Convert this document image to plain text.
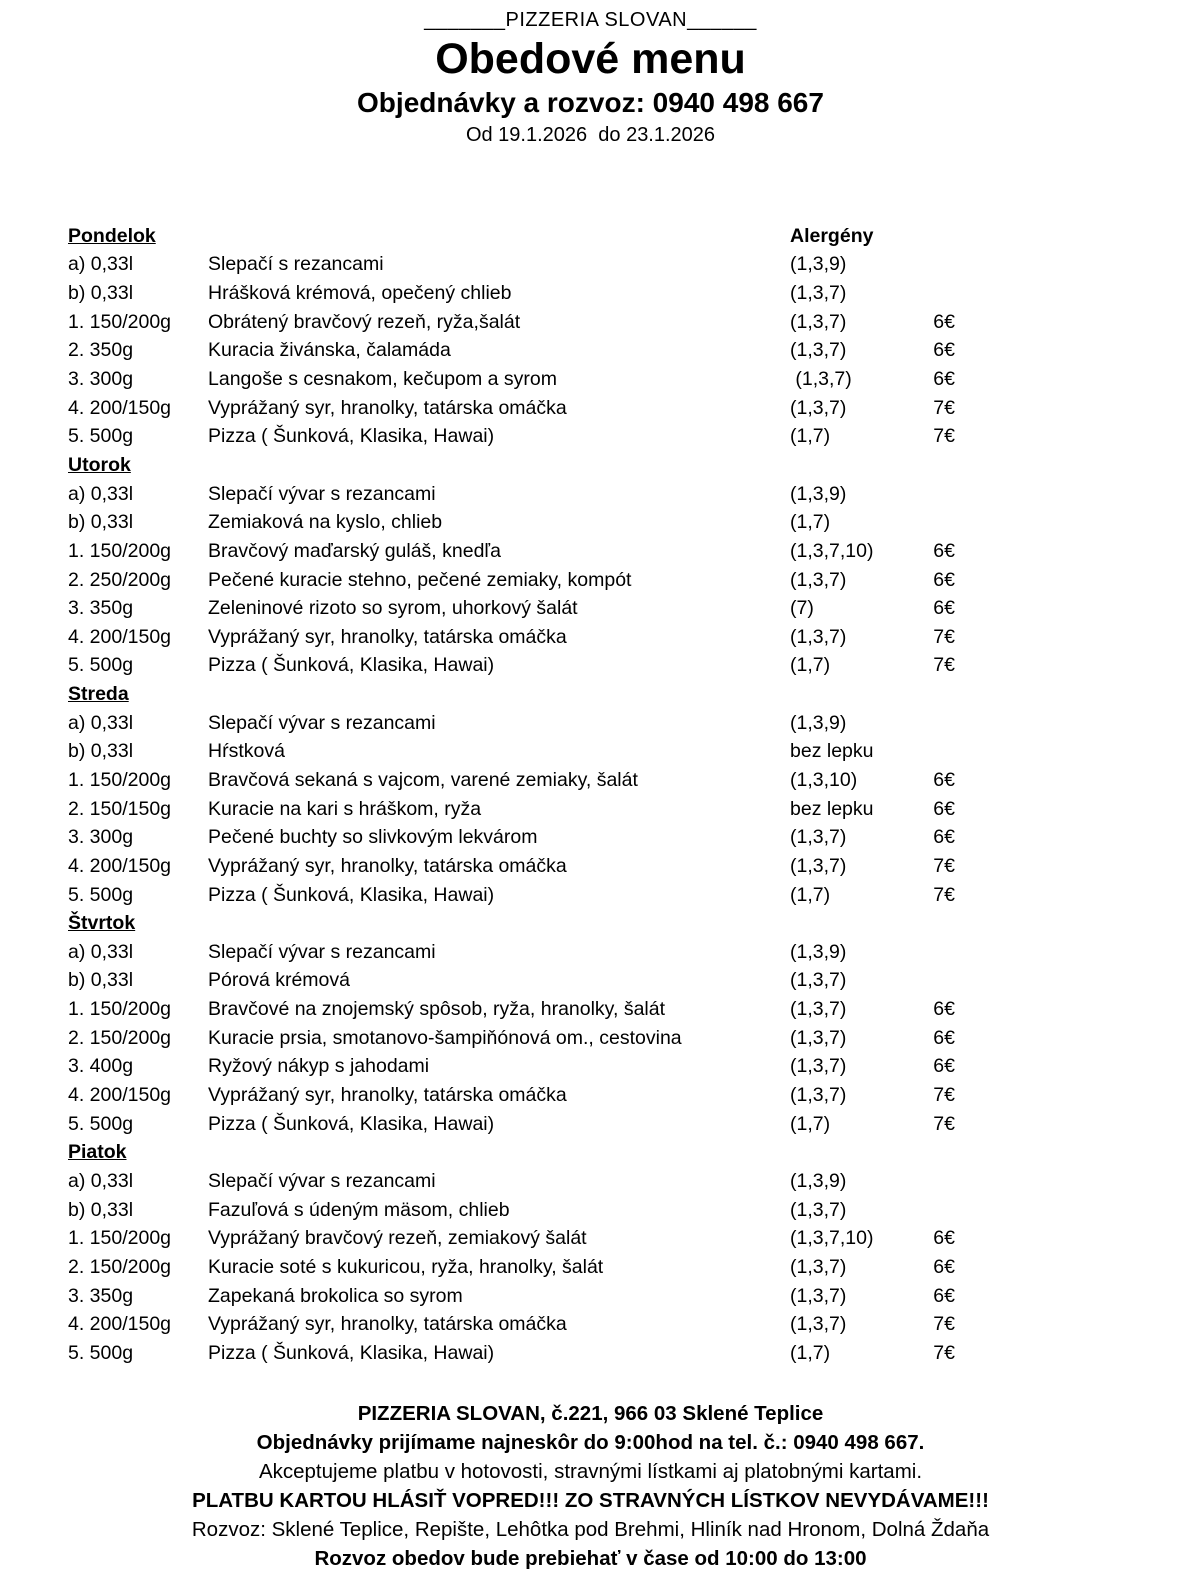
_______PIZZERIA SLOVAN______
Obedové menu
Objednávky a rozvoz: 0940 498 667
Od 19.1.2026  do 23.1.2026
Pondelok	Alergény
a) 0,33l	Slepačí s rezancami	(1,3,9)
b) 0,33l	Hrášková krémová, opečený chlieb	(1,3,7)
1. 150/200g	Obrátený bravčový rezeň, ryža,šalát	(1,3,7)	6€
2. 350g	Kuracia živánska, čalamáda	(1,3,7)	6€
3. 300g	Langoše s cesnakom, kečupom a syrom	(1,3,7)	6€
4. 200/150g	Vyprážaný syr, hranolky, tatárska omáčka	(1,3,7)	7€
5. 500g	Pizza ( Šunková, Klasika, Hawai)	(1,7)	7€
Utorok
a) 0,33l	Slepačí vývar s rezancami	(1,3,9)
b) 0,33l	Zemiaková na kyslo, chlieb	(1,7)
1. 150/200g	Bravčový maďarský guláš, knedľa	(1,3,7,10)	6€
2. 250/200g	Pečené kuracie stehno, pečené zemiaky, kompót	(1,3,7)	6€
3. 350g	Zeleninové rizoto so syrom, uhorkový šalát	(7)	6€
4. 200/150g	Vyprážaný syr, hranolky, tatárska omáčka	(1,3,7)	7€
5. 500g	Pizza ( Šunková, Klasika, Hawai)	(1,7)	7€
Streda
a) 0,33l	Slepačí vývar s rezancami	(1,3,9)
b) 0,33l	Hŕstková	bez lepku
1. 150/200g	Bravčová sekaná s vajcom, varené zemiaky, šalát	(1,3,10)	6€
2. 150/150g	Kuracie na kari s hráškom, ryža	bez lepku	6€
3. 300g	Pečené buchty so slivkovým lekvárom	(1,3,7)	6€
4. 200/150g	Vyprážaný syr, hranolky, tatárska omáčka	(1,3,7)	7€
5. 500g	Pizza ( Šunková, Klasika, Hawai)	(1,7)	7€
Štvrtok
a) 0,33l	Slepačí vývar s rezancami	(1,3,9)
b) 0,33l	Pórová krémová	(1,3,7)
1. 150/200g	Bravčové na znojemský spôsob, ryža, hranolky, šalát	(1,3,7)	6€
2. 150/200g	Kuracie prsia, smotanovo-šampiňónová om., cestovina	(1,3,7)	6€
3. 400g	Ryžový nákyp s jahodami	(1,3,7)	6€
4. 200/150g	Vyprážaný syr, hranolky, tatárska omáčka	(1,3,7)	7€
5. 500g	Pizza ( Šunková, Klasika, Hawai)	(1,7)	7€
Piatok
a) 0,33l	Slepačí vývar s rezancami	(1,3,9)
b) 0,33l	Fazuľová s údeným mäsom, chlieb	(1,3,7)
1. 150/200g	Vyprážaný bravčový rezeň, zemiakový šalát	(1,3,7,10)	6€
2. 150/200g	Kuracie soté s kukuricou, ryža, hranolky, šalát	(1,3,7)	6€
3. 350g	Zapekaná brokolica so syrom	(1,3,7)	6€
4. 200/150g	Vyprážaný syr, hranolky, tatárska omáčka	(1,3,7)	7€
5. 500g	Pizza ( Šunková, Klasika, Hawai)	(1,7)	7€
PIZZERIA SLOVAN, č.221, 966 03 Sklené Teplice
Objednávky prijímame najneskôr do 9:00hod na tel. č.: 0940 498 667.
Akceptujeme platbu v hotovosti, stravnými lístkami aj platobnými kartami.
PLATBU KARTOU HLÁSIŤ VOPRED!!! ZO STRAVNÝCH LÍSTKOV NEVYDÁVAME!!!
Rozvoz: Sklené Teplice, Repište, Lehôtka pod Brehmi, Hliník nad Hronom, Dolná Ždaňa
Rozvoz obedov bude prebiehať v čase od 10:00 do 13:00
